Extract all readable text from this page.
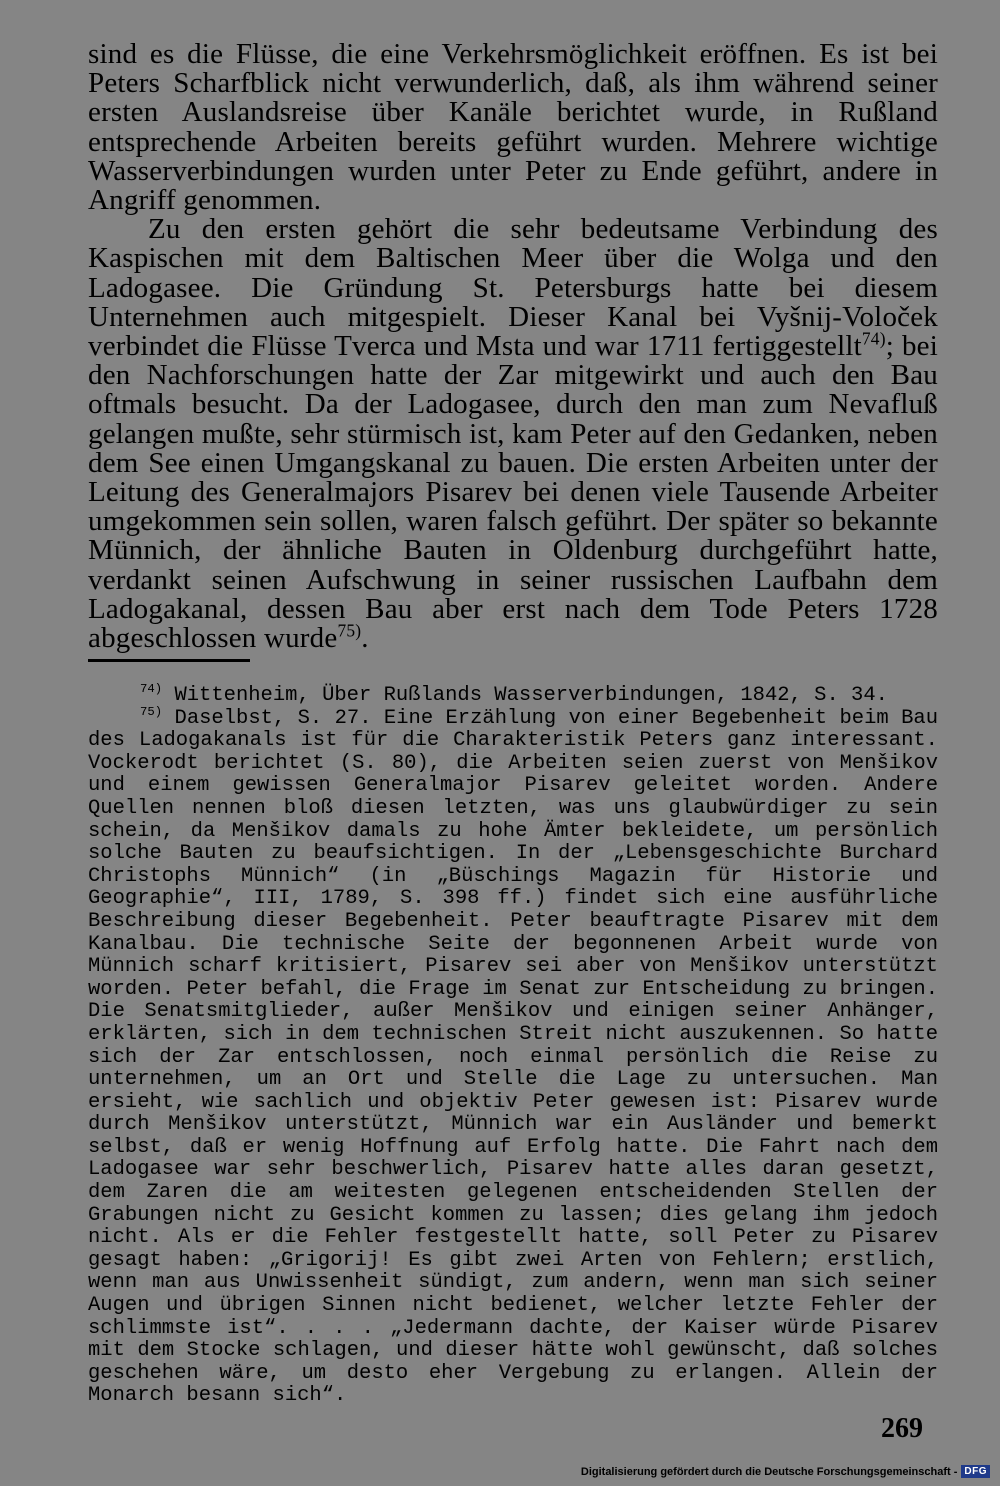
sind es die Flüsse, die eine Verkehrsmöglichkeit eröffnen. Es ist bei Peters Scharfblick nicht verwunderlich, daß, als ihm während seiner ersten Auslandsreise über Kanäle berichtet wurde, in Rußland entsprechende Arbeiten bereits geführt wurden. Mehrere wichtige Wasserverbindungen wurden unter Peter zu Ende geführt, andere in Angriff genommen.

Zu den ersten gehört die sehr bedeutsame Verbindung des Kaspischen mit dem Baltischen Meer über die Wolga und den Ladogasee. Die Gründung St. Petersburgs hatte bei diesem Unternehmen auch mitgespielt. Dieser Kanal bei Vyšnij-Voloček verbindet die Flüsse Tverca und Msta und war 1711 fertiggestellt$^{74)}$; bei den Nachforschungen hatte der Zar mitgewirkt und auch den Bau oftmals besucht. Da der Ladogasee, durch den man zum Nevafluß gelangen mußte, sehr stürmisch ist, kam Peter auf den Gedanken, neben dem See einen Umgangskanal zu bauen. Die ersten Arbeiten unter der Leitung des Generalmajors Pisarev bei denen viele Tausende Arbeiter umgekommen sein sollen, waren falsch geführt. Der später so bekannte Münnich, der ähnliche Bauten in Oldenburg durchgeführt hatte, verdankt seinen Aufschwung in seiner russischen Laufbahn dem Ladogakanal, dessen Bau aber erst nach dem Tode Peters 1728 abgeschlossen wurde$^{75)}$.

$^{74)}$ Wittenheim, Über Rußlands Wasserverbindungen, 1842, S. 34.

$^{75)}$ Daselbst, S. 27. Eine Erzählung von einer Begebenheit beim Bau des Ladogakanals ist für die Charakteristik Peters ganz interessant. Vockerodt berichtet (S. 80), die Arbeiten seien zuerst von Menšikov und einem gewissen Generalmajor Pisarev geleitet worden. Andere Quellen nennen bloß diesen letzten, was uns glaubwürdiger zu sein schein, da Menšikov damals zu hohe Ämter bekleidete, um persönlich solche Bauten zu beaufsichtigen. In der „Lebensgeschichte Burchard Christophs Münnich“ (in „Büschings Magazin für Historie und Geographie“, III, 1789, S. 398 ff.) findet sich eine ausführliche Beschreibung dieser Begebenheit. Peter beauftragte Pisarev mit dem Kanalbau. Die technische Seite der begonnenen Arbeit wurde von Münnich scharf kritisiert, Pisarev sei aber von Menšikov unterstützt worden. Peter befahl, die Frage im Senat zur Entscheidung zu bringen. Die Senatsmitglieder, außer Menšikov und einigen seiner Anhänger, erklärten, sich in dem technischen Streit nicht auszukennen. So hatte sich der Zar entschlossen, noch einmal persönlich die Reise zu unternehmen, um an Ort und Stelle die Lage zu untersuchen. Man ersieht, wie sachlich und objektiv Peter gewesen ist: Pisarev wurde durch Menšikov unterstützt, Münnich war ein Ausländer und bemerkt selbst, daß er wenig Hoffnung auf Erfolg hatte. Die Fahrt nach dem Ladogasee war sehr beschwerlich, Pisarev hatte alles daran gesetzt, dem Zaren die am weitesten gelegenen entscheidenden Stellen der Grabungen nicht zu Gesicht kommen zu lassen; dies gelang ihm jedoch nicht. Als er die Fehler festgestellt hatte, soll Peter zu Pisarev gesagt haben: „Grigorij! Es gibt zwei Arten von Fehlern; erstlich, wenn man aus Unwissenheit sündigt, zum andern, wenn man sich seiner Augen und übrigen Sinnen nicht bedienet, welcher letzte Fehler der schlimmste ist“. . . . „Jedermann dachte, der Kaiser würde Pisarev mit dem Stocke schlagen, und dieser hätte wohl gewünscht, daß solches geschehen wäre, um desto eher Vergebung zu erlangen. Allein der Monarch besann sich“.

269
Digitalisierung gefördert durch die Deutsche Forschungsgemeinschaft - DFG
